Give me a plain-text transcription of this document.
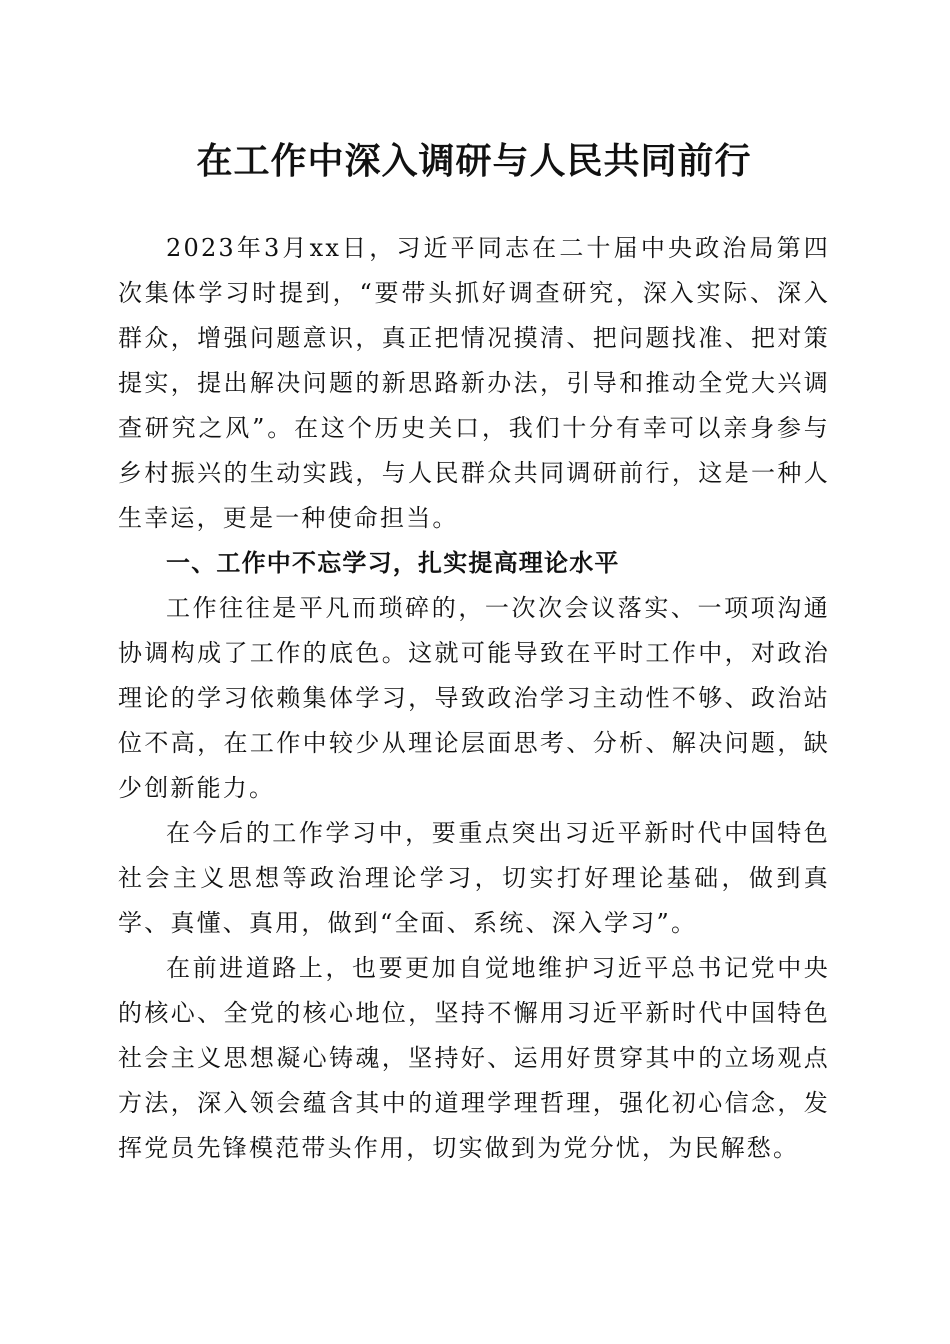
在工作中深入调研与人民共同前行

2023年3月xx日，习近平同志在二十届中央政治局第四次集体学习时提到，“要带头抓好调查研究，深入实际、深入群众，增强问题意识，真正把情况摸清、把问题找准、把对策提实，提出解决问题的新思路新办法，引导和推动全党大兴调查研究之风”。在这个历史关口，我们十分有幸可以亲身参与乡村振兴的生动实践，与人民群众共同调研前行，这是一种人生幸运，更是一种使命担当。

一、工作中不忘学习，扎实提高理论水平

工作往往是平凡而琐碎的，一次次会议落实、一项项沟通协调构成了工作的底色。这就可能导致在平时工作中，对政治理论的学习依赖集体学习，导致政治学习主动性不够、政治站位不高，在工作中较少从理论层面思考、分析、解决问题，缺少创新能力。

在今后的工作学习中，要重点突出习近平新时代中国特色社会主义思想等政治理论学习，切实打好理论基础，做到真学、真懂、真用，做到“全面、系统、深入学习”。

在前进道路上，也要更加自觉地维护习近平总书记党中央的核心、全党的核心地位，坚持不懈用习近平新时代中国特色社会主义思想凝心铸魂，坚持好、运用好贯穿其中的立场观点方法，深入领会蕴含其中的道理学理哲理，强化初心信念，发挥党员先锋模范带头作用，切实做到为党分忧，为民解愁。
